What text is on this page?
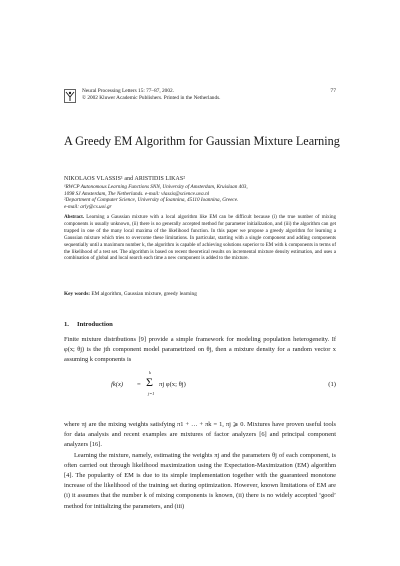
Neural Processing Letters 15: 77–87, 2002.
© 2002 Kluwer Academic Publishers. Printed in the Netherlands.
77
A Greedy EM Algorithm for Gaussian Mixture Learning
NIKOLAOS VLASSIS¹ and ARISTIDIS LIKAS²
¹RWCP Autonomous Learning Functions SNN, University of Amsterdam, Kruislaan 403,
1098 SJ Amsterdam, The Netherlands. e-mail: vlassis@science.uva.nl
²Department of Computer Science, University of Ioannina, 45110 Ioannina, Greece.
e-mail: arly@cs.uoi.gr
Abstract. Learning a Gaussian mixture with a local algorithm like EM can be difficult because (i) the true number of mixing components is usually unknown, (ii) there is no generally accepted method for parameter initialization, and (iii) the algorithm can get trapped in one of the many local maxima of the likelihood function. In this paper we propose a greedy algorithm for learning a Gaussian mixture which tries to overcome these limitations. In particular, starting with a single component and adding components sequentially until a maximum number k, the algorithm is capable of achieving solutions superior to EM with k components in terms of the likelihood of a test set. The algorithm is based on recent theoretical results on incremental mixture density estimation, and uses a combination of global and local search each time a new component is added to the mixture.
Key words: EM algorithm, Gaussian mixture, greedy learning
1. Introduction

Finite mixture distributions [9] provide a simple framework for modeling population heterogeneity. If φ(x; θj) is the jth component model parametrized on θj, then a mixture density for a random vector x assuming k components is

fk(x) =
k
Σ
j=1
πj φ(x; θj)	(1)

where πj are the mixing weights satisfying π1 + … + πk = 1, πj ⩾ 0. Mixtures have proven useful tools for data analysis and recent examples are mixtures of factor analyzers [6] and principal component analyzers [16].

Learning the mixture, namely, estimating the weights πj and the parameters θj of each component, is often carried out through likelihood maximization using the Expectation-Maximization (EM) algorithm [4]. The popularity of EM is due to its simple implementation together with the guaranteed monotone increase of the likelihood of the training set during optimization. However, known limitations of EM are (i) it assumes that the number k of mixing components is known, (ii) there is no widely accepted ‘good’ method for initializing the parameters, and (iii)
